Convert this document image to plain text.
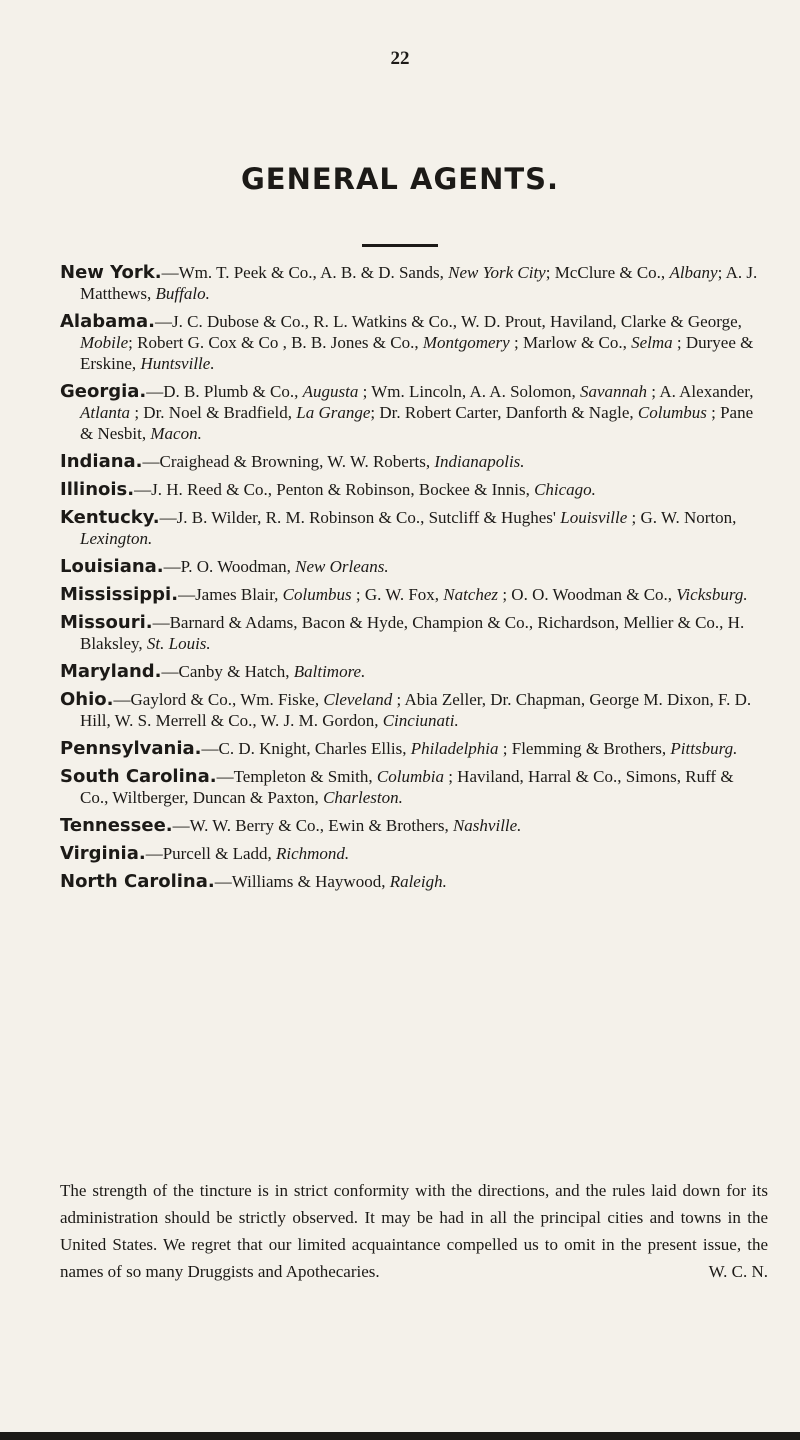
22
GENERAL AGENTS.
New York.—Wm. T. Peek & Co., A. B. & D. Sands, New York City; McClure & Co., Albany; A. J. Matthews, Buffalo.
Alabama.—J. C. Dubose & Co., R. L. Watkins & Co., W. D. Prout, Haviland, Clarke & George, Mobile; Robert G. Cox & Co , B. B. Jones & Co., Montgomery ; Marlow & Co., Selma ; Duryee & Erskine, Huntsville.
Georgia.—D. B. Plumb & Co., Augusta ; Wm. Lincoln, A. A. Solomon, Savannah ; A. Alexander, Atlanta ; Dr. Noel & Bradfield, La Grange; Dr. Robert Carter, Danforth & Nagle, Columbus ; Pane & Nesbit, Macon.
Indiana.—Craighead & Browning, W. W. Roberts, Indianapolis.
Illinois.—J. H. Reed & Co., Penton & Robinson, Bockee & Innis, Chicago.
Kentucky.—J. B. Wilder, R. M. Robinson & Co., Sutcliff & Hughes' Louisville ; G. W. Norton, Lexington.
Louisiana.—P. O. Woodman, New Orleans.
Mississippi.—James Blair, Columbus ; G. W. Fox, Natchez ; O. O. Woodman & Co., Vicksburg.
Missouri.—Barnard & Adams, Bacon & Hyde, Champion & Co., Richardson, Mellier & Co., H. Blaksley, St. Louis.
Maryland.—Canby & Hatch, Baltimore.
Ohio.—Gaylord & Co., Wm. Fiske, Cleveland ; Abia Zeller, Dr. Chapman, George M. Dixon, F. D. Hill, W. S. Merrell & Co., W. J. M. Gordon, Cinciunati.
Pennsylvania.—C. D. Knight, Charles Ellis, Philadelphia ; Flemming & Brothers, Pittsburg.
South Carolina.—Templeton & Smith, Columbia ; Haviland, Harral & Co., Simons, Ruff & Co., Wiltberger, Duncan & Paxton, Charleston.
Tennessee.—W. W. Berry & Co., Ewin & Brothers, Nashville.
Virginia.—Purcell & Ladd, Richmond.
North Carolina.—Williams & Haywood, Raleigh.
The strength of the tincture is in strict conformity with the directions, and the rules laid down for its administration should be strictly observed. It may be had in all the principal cities and towns in the United States. We regret that our limited acquaintance compelled us to omit in the present issue, the names of so many Druggists and Apothecaries.	W. C. N.
